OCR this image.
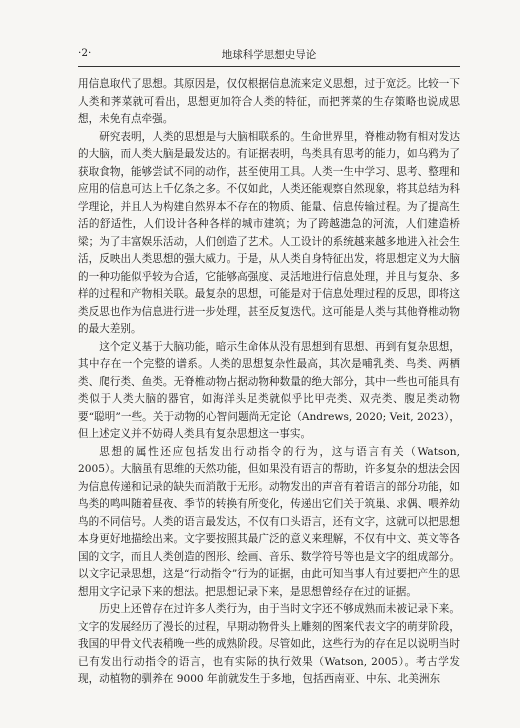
·2·	地球科学思想史导论

用信息取代了思想。其原因是，仅仅根据信息流来定义思想，过于宽泛。比较一下人类和荠菜就可看出，思想更加符合人类的特征，而把荠菜的生存策略也说成思想，未免有点牵强。

研究表明，人类的思想是与大脑相联系的。生命世界里，脊椎动物有相对发达的大脑，而人类大脑是最发达的。有证据表明，鸟类具有思考的能力，如乌鸦为了获取食物，能够尝试不同的动作，甚至使用工具。人类一生中学习、思考、整理和应用的信息可达上千亿条之多。不仅如此，人类还能观察自然现象，将其总结为科学理论，并且人为构建自然界本不存在的物质、能量、信息传输过程。为了提高生活的舒适性，人们设计各种各样的城市建筑；为了跨越漶急的河流，人们建造桥梁；为了丰富娱乐活动，人们创造了艺术。人工设计的系统越来越多地进入社会生活，反映出人类思想的强大威力。于是，从人类自身特征出发，将思想定义为大脑的一种功能似乎较为合适，它能够高强度、灵活地进行信息处理，并且与复杂、多样的过程和产物相关联。最复杂的思想，可能是对于信息处理过程的反思，即将这类反思也作为信息进行进一步处理，甚至反复迭代。这可能是人类与其他脊椎动物的最大差别。

这个定义基于大脑功能，暗示生命体从没有思想到有思想、再到有复杂思想，其中存在一个完整的谱系。人类的思想复杂性最高，其次是哺乳类、鸟类、两栖类、爬行类、鱼类。无脊椎动物占据动物种数量的绝大部分，其中一些也可能具有类似于人类大脑的器官，如海洋头足类就似乎比甲壳类、双壳类、腹足类动物要“聪明”一些。关于动物的心智问题尚无定论（Andrews, 2020; Veit, 2023），但上述定义并不妨碍人类具有复杂思想这一事实。

思想的属性还应包括发出行动指令的行为，这与语言有关（Watson, 2005）。大脑虽有思维的天然功能，但如果没有语言的帮助，许多复杂的想法会因为信息传递和记录的缺失而消散于无形。动物发出的声音有着语言的部分功能，如鸟类的鸣叫随着昼夜、季节的转换有所变化，传递出它们关于筑巢、求偶、喂养幼鸟的不同信号。人类的语言最发达，不仅有口头语言，还有文字，这就可以把思想本身更好地描绘出来。文字要按照其最广泛的意义来理解，不仅有中文、英文等各国的文字，而且人类创造的图形、绘画、音乐、数学符号等也是文字的组成部分。以文字记录思想，这是“行动指令”行为的证据，由此可知当事人有过要把产生的思想用文字记录下来的想法。把思想记录下来，是思想曾经存在过的证据。

历史上还曾存在过许多人类行为，由于当时文字还不够成熟而未被记录下来。文字的发展经历了漫长的过程，早期动物骨头上雕刻的图案代表文字的萌芽阶段，我国的甲骨文代表稍晚一些的成熟阶段。尽管如此，这些行为的存在足以说明当时已有发出行动指令的语言，也有实际的执行效果（Watson, 2005）。考古学发现，动植物的驯养在 9000 年前就发生于多地，包括西南亚、中东、北美洲东
